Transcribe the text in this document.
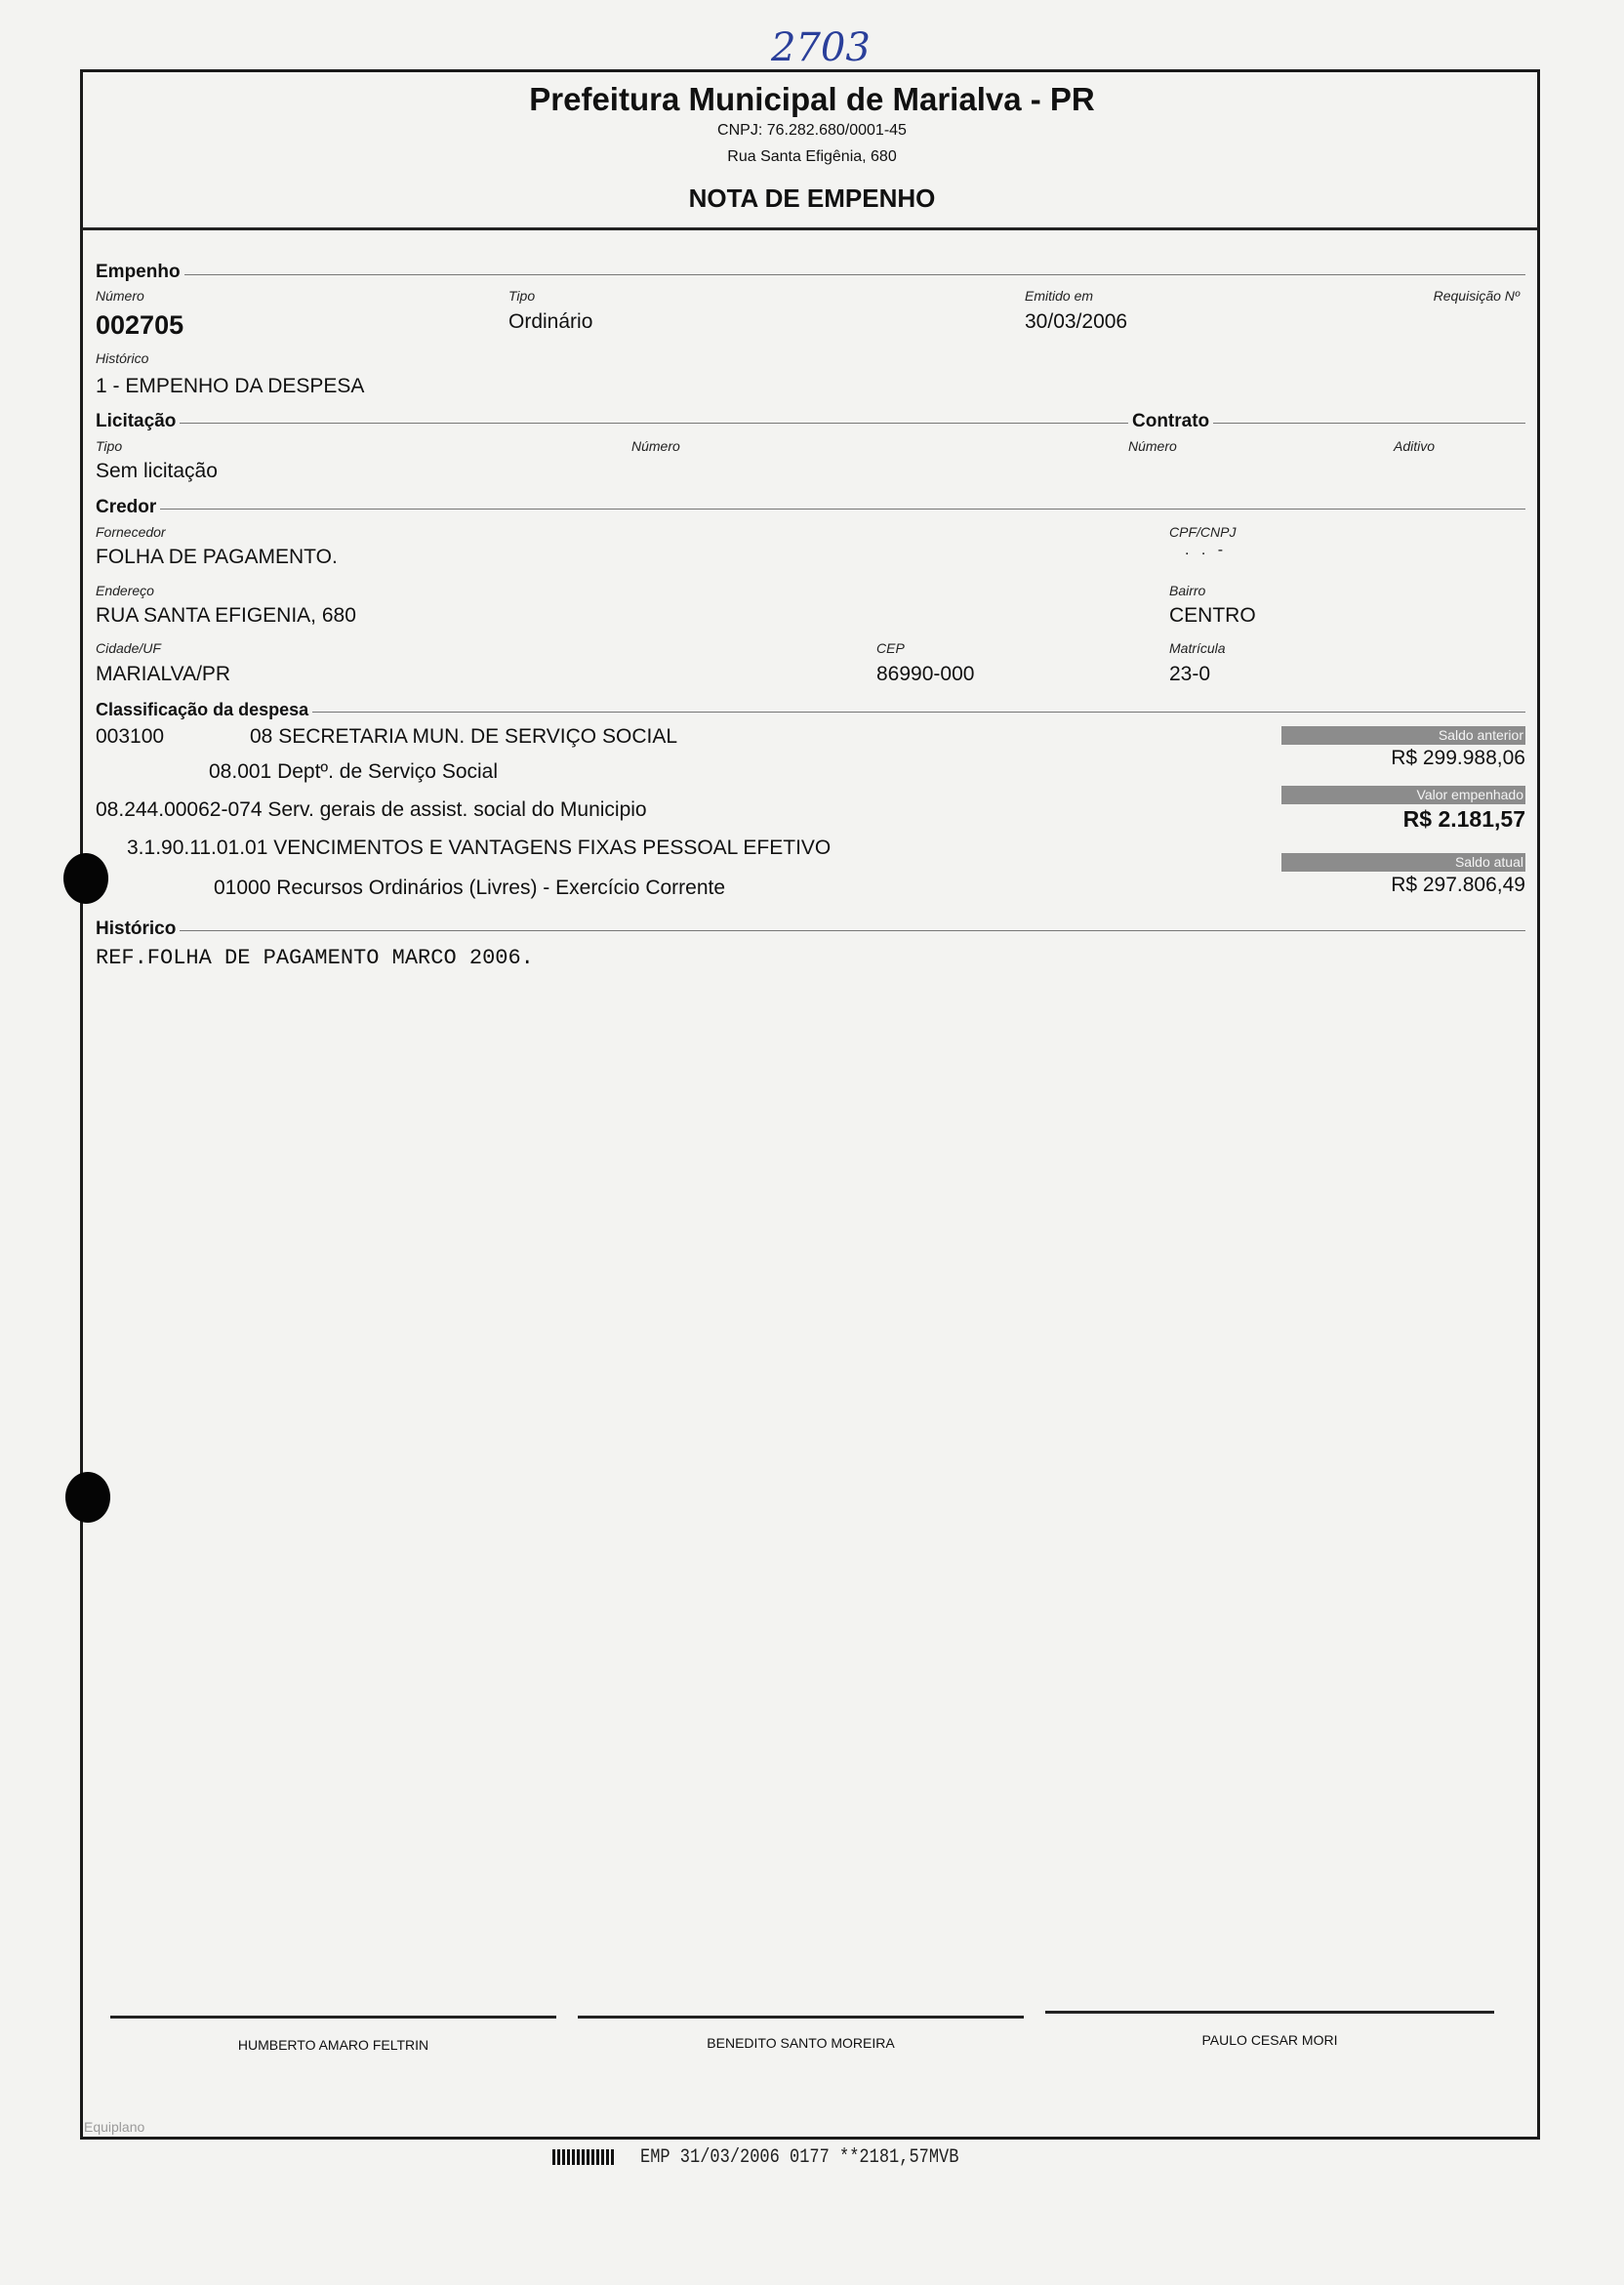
2703
Prefeitura Municipal de Marialva - PR
CNPJ: 76.282.680/0001-45
Rua Santa Efigênia, 680
NOTA DE EMPENHO
Empenho
Número
002705
Tipo
Ordinário
Emitido em
30/03/2006
Requisição Nº
Histórico
1 - EMPENHO DA DESPESA
Licitação	Contrato
Tipo
Sem licitação
Número	Número	Aditivo
Credor
Fornecedor
FOLHA DE PAGAMENTO.
CPF/CNPJ
. . -
Endereço
RUA SANTA EFIGENIA, 680
Bairro
CENTRO
Cidade/UF
MARIALVA/PR
CEP
86990-000
Matrícula
23-0
Classificação da despesa
003100	08 SECRETARIA MUN. DE SERVIÇO SOCIAL
08.001 Deptº. de Serviço Social
08.244.00062-074 Serv. gerais de assist. social do Municipio
3.1.90.11.01.01 VENCIMENTOS E VANTAGENS FIXAS PESSOAL EFETIVO
01000 Recursos Ordinários (Livres) - Exercício Corrente
Saldo anterior
R$ 299.988,06
Valor empenhado
R$ 2.181,57
Saldo atual
R$ 297.806,49
Histórico
REF.FOLHA DE PAGAMENTO MARCO 2006.
HUMBERTO AMARO FELTRIN	BENEDITO SANTO MOREIRA	PAULO CESAR MORI
Equiplano
EMP 31/03/2006 0177 **2181,57MVB
